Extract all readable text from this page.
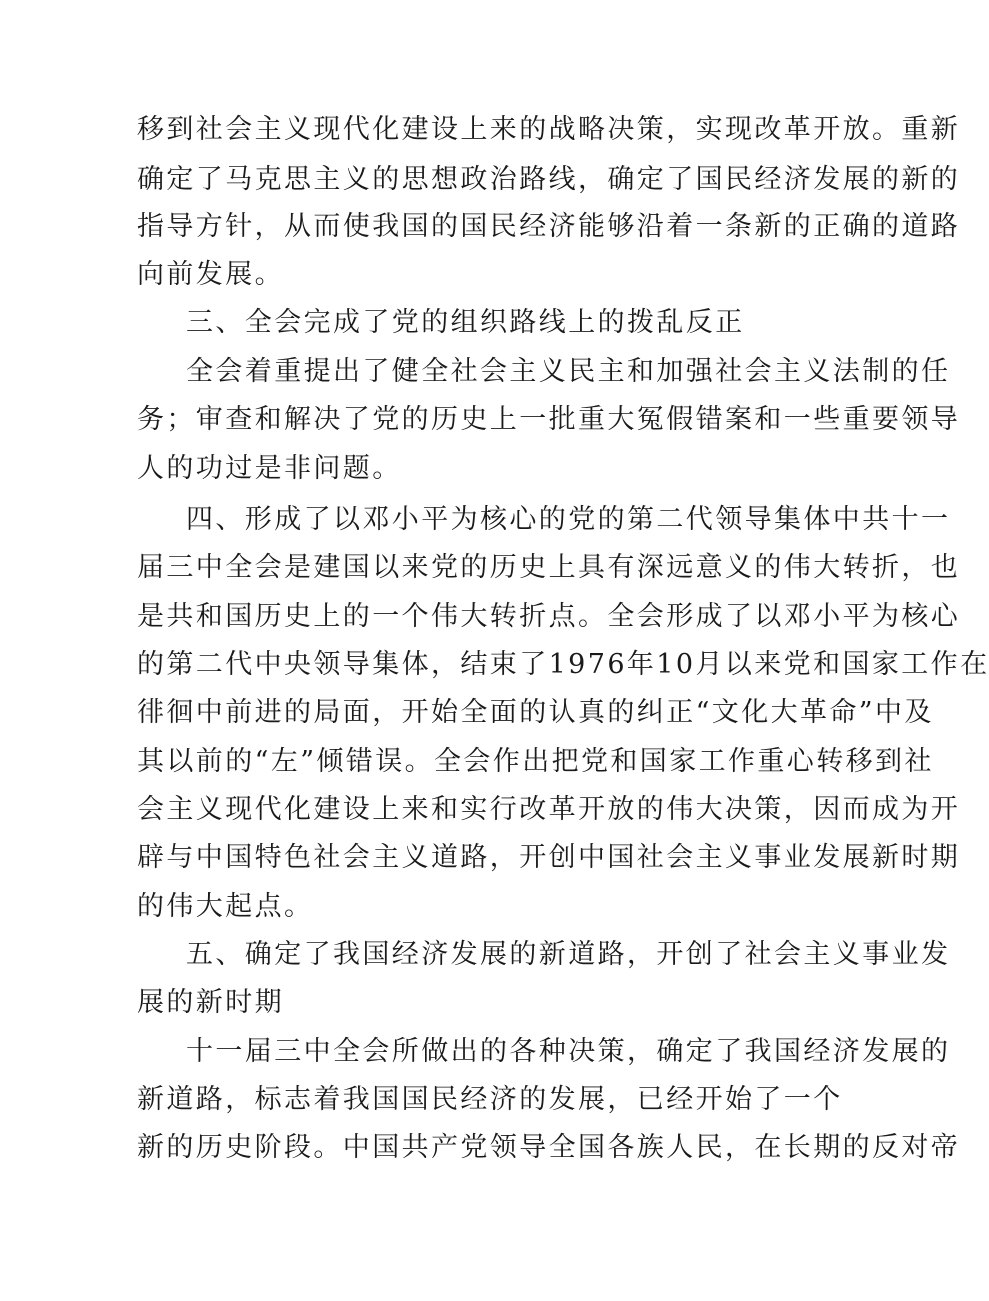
移到社会主义现代化建设上来的战略决策，实现改革开放。重新
确定了马克思主义的思想政治路线，确定了国民经济发展的新的
指导方针，从而使我国的国民经济能够沿着一条新的正确的道路
向前发展。
三、全会完成了党的组织路线上的拨乱反正
全会着重提出了健全社会主义民主和加强社会主义法制的任
务；审查和解决了党的历史上一批重大冤假错案和一些重要领导
人的功过是非问题。
四、形成了以邓小平为核心的党的第二代领导集体中共十一
届三中全会是建国以来党的历史上具有深远意义的伟大转折，也
是共和国历史上的一个伟大转折点。全会形成了以邓小平为核心
的第二代中央领导集体，结束了1976年10月以来党和国家工作在
徘徊中前进的局面，开始全面的认真的纠正“文化大革命”中及
其以前的“左”倾错误。全会作出把党和国家工作重心转移到社
会主义现代化建设上来和实行改革开放的伟大决策，因而成为开
辟与中国特色社会主义道路，开创中国社会主义事业发展新时期
的伟大起点。
五、确定了我国经济发展的新道路，开创了社会主义事业发
展的新时期
十一届三中全会所做出的各种决策，确定了我国经济发展的
新道路，标志着我国国民经济的发展，已经开始了一个
新的历史阶段。中国共产党领导全国各族人民，在长期的反对帝
